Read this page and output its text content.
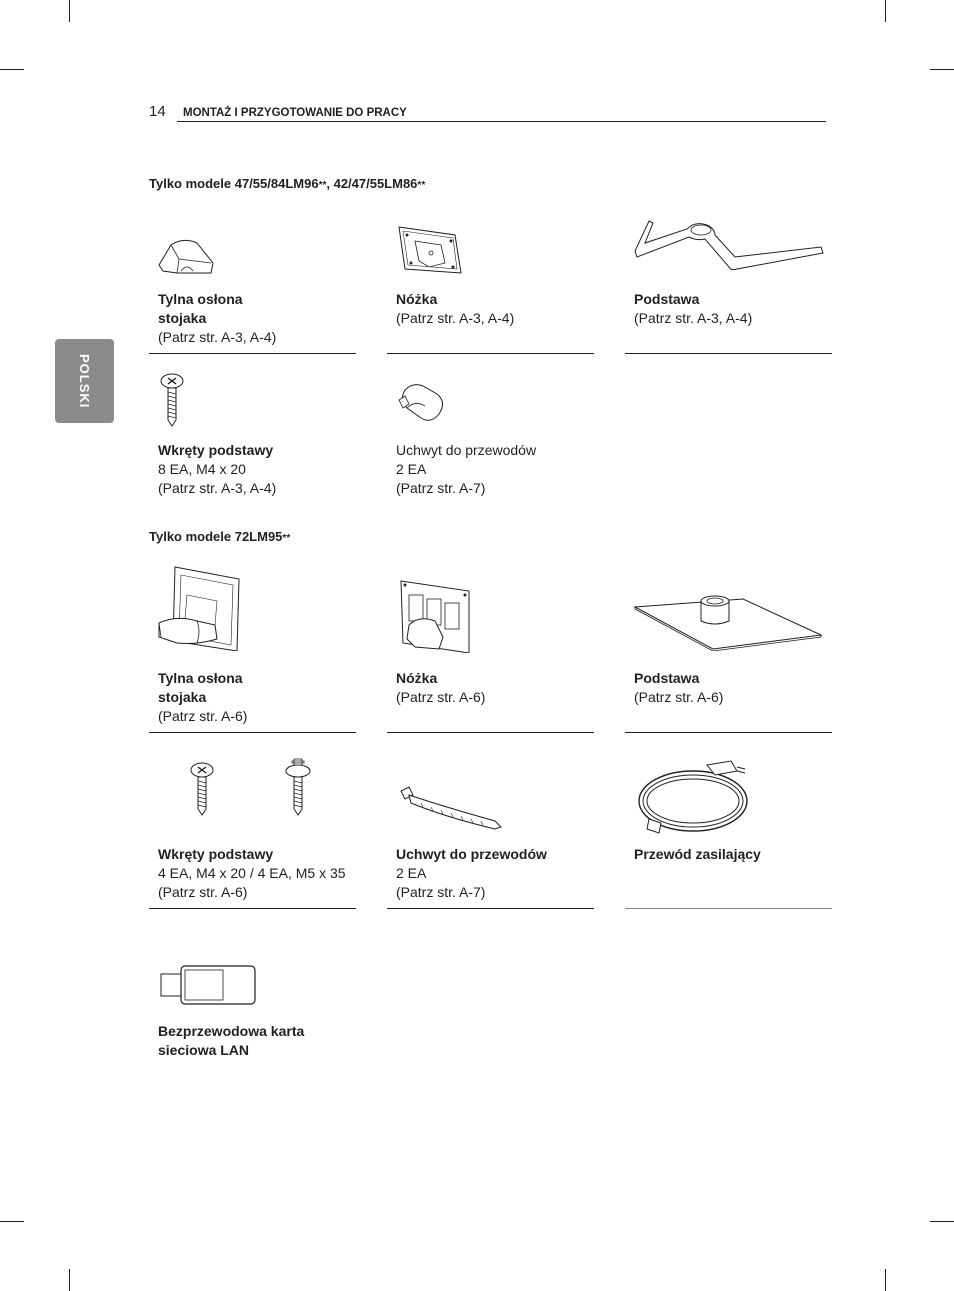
14 MONTAŻ I PRZYGOTOWANIE DO PRACY
POLSKI
Tylko modele 47/55/84LM96**, 42/47/55LM86**
Tylna osłona
stojaka
(Patrz str. A-3, A-4)
Nóżka
(Patrz str. A-3, A-4)
Podstawa
(Patrz str. A-3, A-4)
Wkręty podstawy
8 EA, M4 x 20
(Patrz str. A-3, A-4)
Uchwyt do przewodów
2 EA
(Patrz str. A-7)
Tylko modele 72LM95**
Tylna osłona
stojaka
(Patrz str. A-6)
Nóżka
(Patrz str. A-6)
Podstawa
(Patrz str. A-6)
Wkręty podstawy
4 EA, M4 x 20 / 4 EA, M5 x 35
(Patrz str. A-6)
Uchwyt do przewodów
2 EA
(Patrz str. A-7)
Przewód zasilający
Bezprzewodowa karta
sieciowa LAN
